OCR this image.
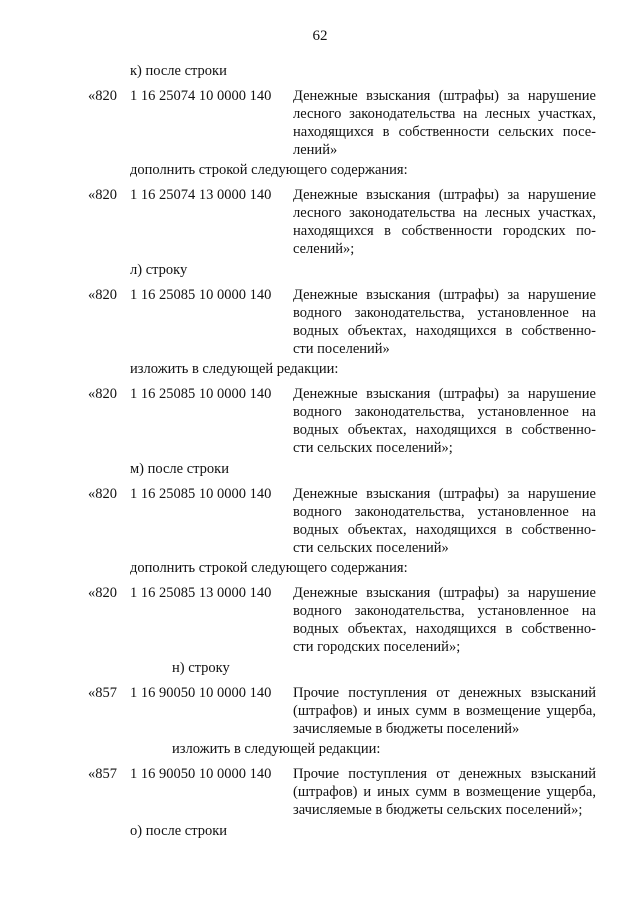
62
к) после строки
«820 1 16 25074 10 0000 140 Денежные взыскания (штрафы) за нарушение
лесного законодательства на лесных участках,
находящихся в собственности сельских посе-
лений»
дополнить строкой следующего содержания:
«820 1 16 25074 13 0000 140 Денежные взыскания (штрафы) за нарушение
лесного законодательства на лесных участках,
находящихся в собственности городских по-
селений»;
л) строку
«820 1 16 25085 10 0000 140 Денежные взыскания (штрафы) за нарушение
водного законодательства, установленное на
водных объектах, находящихся в собственно-
сти поселений»
изложить в следующей редакции:
«820 1 16 25085 10 0000 140 Денежные взыскания (штрафы) за нарушение
водного законодательства, установленное на
водных объектах, находящихся в собственно-
сти сельских поселений»;
м) после строки
«820 1 16 25085 10 0000 140 Денежные взыскания (штрафы) за нарушение
водного законодательства, установленное на
водных объектах, находящихся в собственно-
сти сельских поселений»
дополнить строкой следующего содержания:
«820 1 16 25085 13 0000 140 Денежные взыскания (штрафы) за нарушение
водного законодательства, установленное на
водных объектах, находящихся в собственно-
сти городских поселений»;
н) строку
«857 1 16 90050 10 0000 140 Прочие поступления от денежных взысканий
(штрафов) и иных сумм в возмещение ущерба,
зачисляемые в бюджеты поселений»
изложить в следующей редакции:
«857 1 16 90050 10 0000 140 Прочие поступления от денежных взысканий
(штрафов) и иных сумм в возмещение ущерба,
зачисляемые в бюджеты сельских поселений»;
о) после строки
